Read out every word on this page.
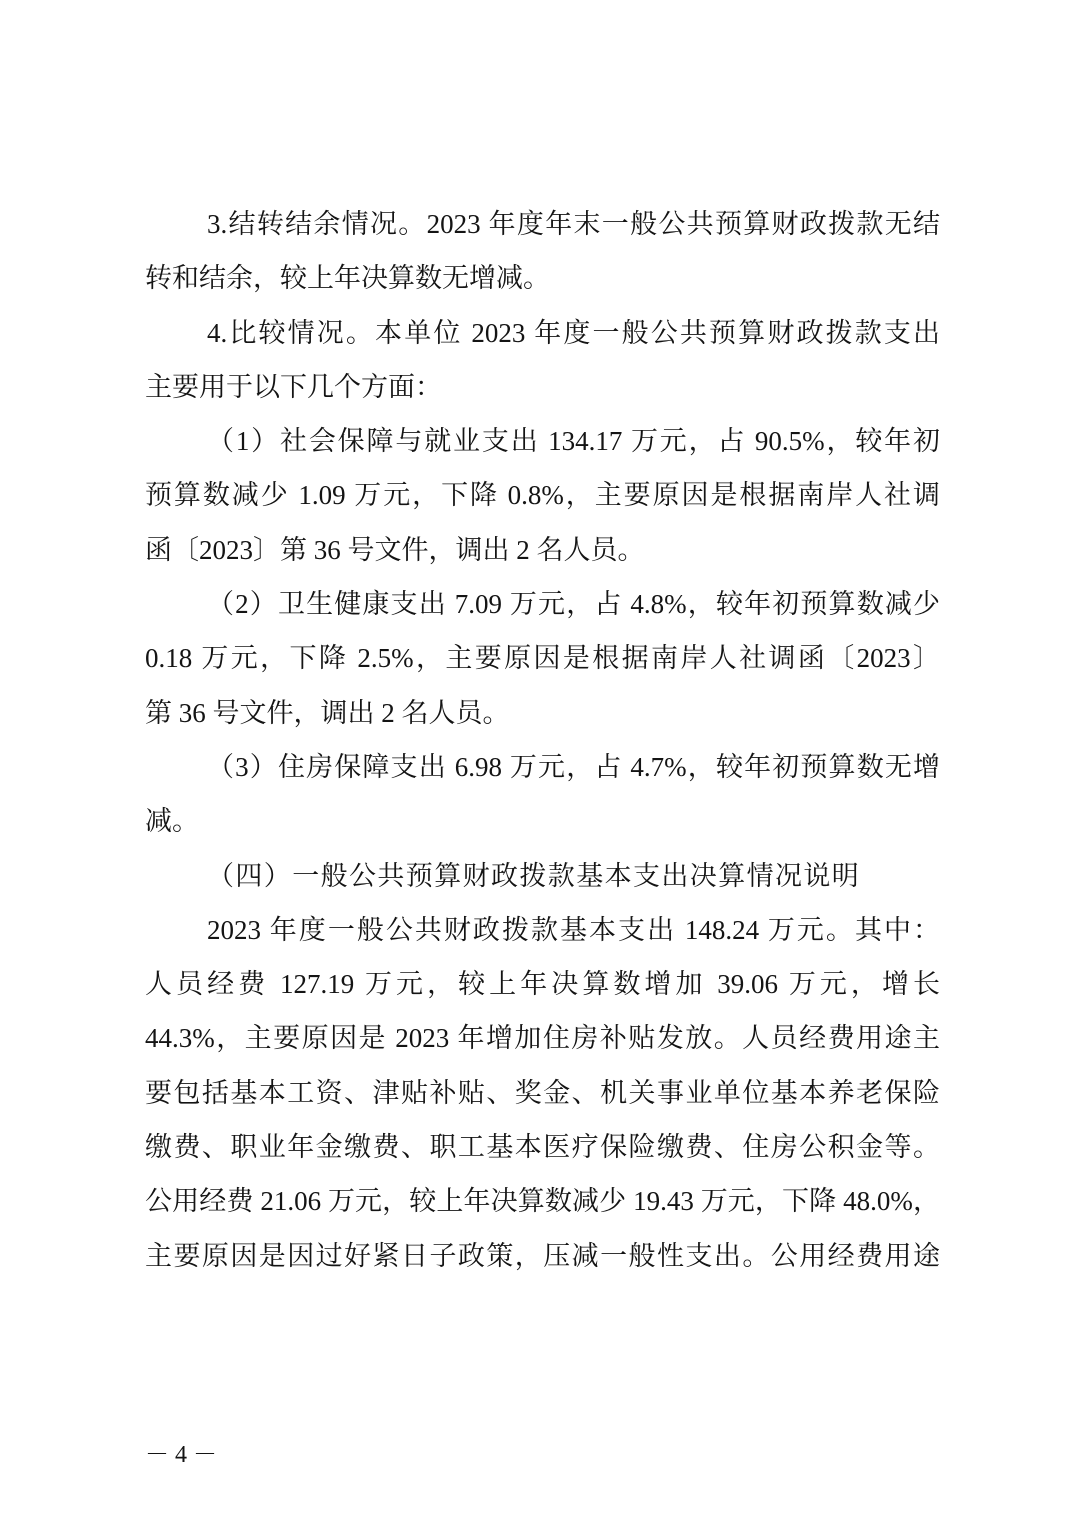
3.结转结余情况。2023 年度年末一般公共预算财政拨款无结
转和结余，较上年决算数无增减。
4.比较情况。本单位 2023 年度一般公共预算财政拨款支出
主要用于以下几个方面：
（1）社会保障与就业支出 134.17 万元，占 90.5%，较年初
预算数减少 1.09 万元，下降 0.8%，主要原因是根据南岸人社调
函〔2023〕第 36 号文件，调出 2 名人员。
（2）卫生健康支出 7.09 万元，占 4.8%，较年初预算数减少
0.18 万元，下降 2.5%，主要原因是根据南岸人社调函〔2023〕
第 36 号文件，调出 2 名人员。
（3）住房保障支出 6.98 万元，占 4.7%，较年初预算数无增
减。
（四）一般公共预算财政拨款基本支出决算情况说明
2023 年度一般公共财政拨款基本支出 148.24 万元。其中：
人员经费 127.19 万元，较上年决算数增加 39.06 万元，增长
44.3%，主要原因是 2023 年增加住房补贴发放。人员经费用途主
要包括基本工资、津贴补贴、奖金、机关事业单位基本养老保险
缴费、职业年金缴费、职工基本医疗保险缴费、住房公积金等。
公用经费 21.06 万元，较上年决算数减少 19.43 万元，下降 48.0%，
主要原因是因过好紧日子政策，压减一般性支出。公用经费用途
－ 4 －
